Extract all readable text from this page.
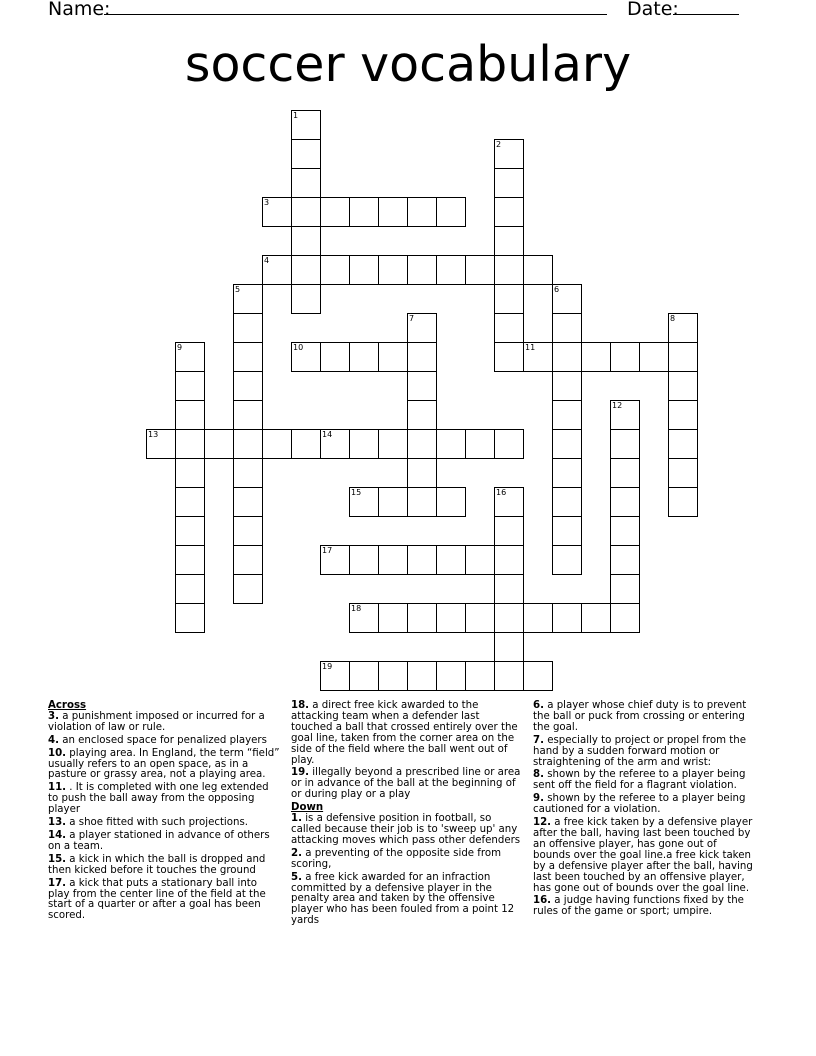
Name:	Date:
soccer vocabulary
1
2
3
4
5	6
7	8
9	10	11
12
13	14
15	16
17
18
19
Across
3. a punishment imposed or incurred for a violation of law or rule.
4. an enclosed space for penalized players
10. playing area. In England, the term “field” usually refers to an open space, as in a pasture or grassy area, not a playing area.
11. . It is completed with one leg extended to push the ball away from the opposing player
13. a shoe fitted with such projections.
14. a player stationed in advance of others on a team.
15. a kick in which the ball is dropped and then kicked before it touches the ground
17. a kick that puts a stationary ball into play from the center line of the field at the start of a quarter or after a goal has been scored.
18. a direct free kick awarded to the attacking team when a defender last touched a ball that crossed entirely over the goal line, taken from the corner area on the side of the field where the ball went out of play.
19. illegally beyond a prescribed line or area or in advance of the ball at the beginning of or during play or a play
Down
1. is a defensive position in football, so called because their job is to 'sweep up' any attacking moves which pass other defenders
2. a preventing of the opposite side from scoring,
5. a free kick awarded for an infraction committed by a defensive player in the penalty area and taken by the offensive player who has been fouled from a point 12 yards
6. a player whose chief duty is to prevent the ball or puck from crossing or entering the goal.
7. especially to project or propel from the hand by a sudden forward motion or straightening of the arm and wrist:
8. shown by the referee to a player being sent off the field for a flagrant violation.
9. shown by the referee to a player being cautioned for a violation.
12. a free kick taken by a defensive player after the ball, having last been touched by an offensive player, has gone out of bounds over the goal line.a free kick taken by a defensive player after the ball, having last been touched by an offensive player, has gone out of bounds over the goal line.
16. a judge having functions fixed by the rules of the game or sport; umpire.
